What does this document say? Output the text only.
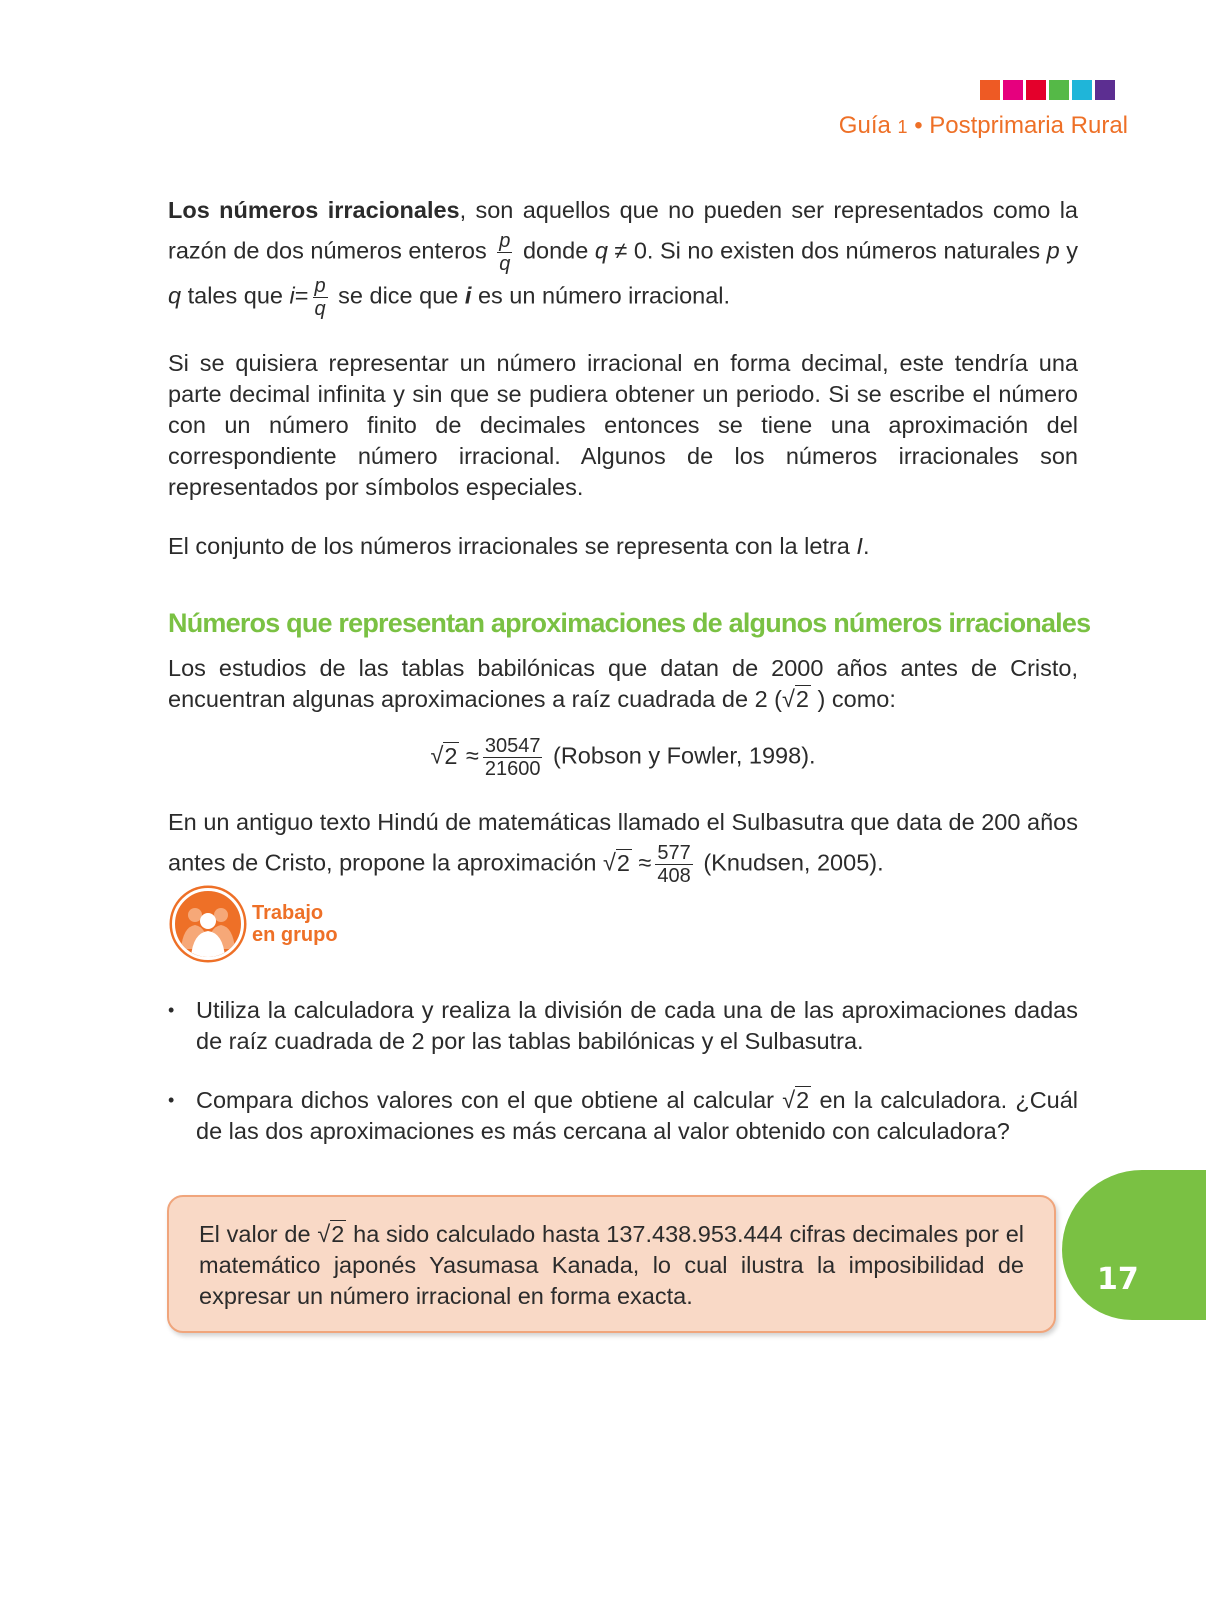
Guía 1 • Postprimaria Rural

Los números irracionales, son aquellos que no pueden ser representados como la razón de dos números enteros $\frac{p}{q}$ donde q ≠ 0. Si no existen dos números naturales p y q tales que $i= \frac{p}{q}$ se dice que i es un número irracional.

Si se quisiera representar un número irracional en forma decimal, este tendría una parte decimal infinita y sin que se pudiera obtener un periodo. Si se escribe el número con un número finito de decimales entonces se tiene una aproximación del correspondiente número irracional. Algunos de los números irracionales son representados por símbolos especiales.

El conjunto de los números irracionales se representa con la letra I.

Números que representan aproximaciones de algunos números irracionales

Los estudios de las tablas babilónicas que datan de 2000 años antes de Cristo, encuentran algunas aproximaciones a raíz cuadrada de 2 (√2 ) como:

$√2 \approx \frac{30547}{21600}$ (Robson y Fowler, 1998).

En un antiguo texto Hindú de matemáticas llamado el Sulbasutra que data de 200 años antes de Cristo, propone la aproximación $√2 \approx \frac{577}{408}$ (Knudsen, 2005).

Trabajo
en grupo
• Utiliza la calculadora y realiza la división de cada una de las aproximaciones dadas de raíz cuadrada de 2 por las tablas babilónicas y el Sulbasutra.
• Compara dichos valores con el que obtiene al calcular √2 en la calculadora. ¿Cuál de las dos aproximaciones es más cercana al valor obtenido con calculadora?

El valor de √2 ha sido calculado hasta 137.438.953.444 cifras decimales por el matemático japonés Yasumasa Kanada, lo cual ilustra la imposibilidad de expresar un número irracional en forma exacta.	17
